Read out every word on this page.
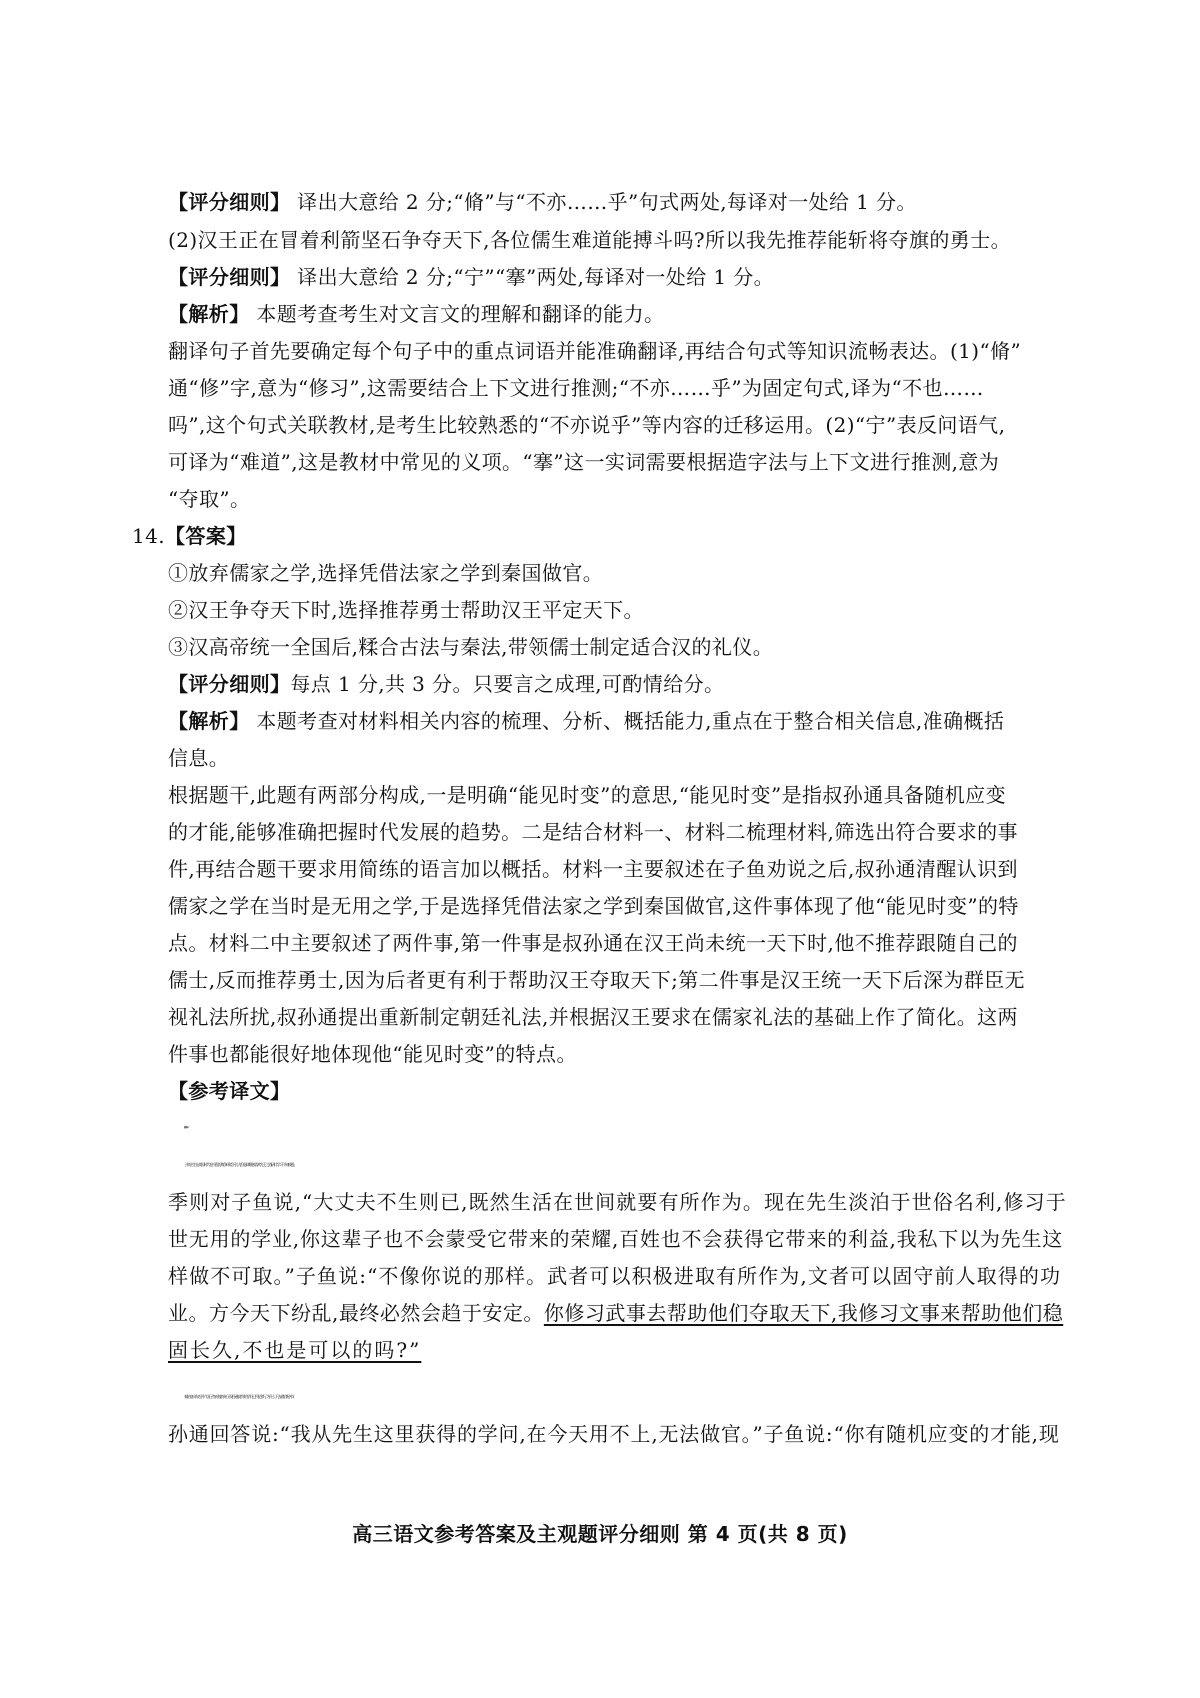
【评分细则】 译出大意给 2 分;“脩”与“不亦……乎”句式两处,每译对一处给 1 分。
(2)汉王正在冒着利箭坚石争夺天下,各位儒生难道能搏斗吗?所以我先推荐能斩将夺旗的勇士。
【评分细则】 译出大意给 2 分;“宁”“搴”两处,每译对一处给 1 分。
【解析】 本题考查考生对文言文的理解和翻译的能力。
翻译句子首先要确定每个句子中的重点词语并能准确翻译,再结合句式等知识流畅表达。(1)“脩”
通“修”字,意为“修习”,这需要结合上下文进行推测;“不亦……乎”为固定句式,译为“不也……
吗”,这个句式关联教材,是考生比较熟悉的“不亦说乎”等内容的迁移运用。(2)“宁”表反问语气,
可译为“难道”,这是教材中常见的义项。“搴”这一实词需要根据造字法与上下文进行推测,意为
“夺取”。
14.【答案】
①放弃儒家之学,选择凭借法家之学到秦国做官。
②汉王争夺天下时,选择推荐勇士帮助汉王平定天下。
③汉高帝统一全国后,糅合古法与秦法,带领儒士制定适合汉的礼仪。
【评分细则】每点 1 分,共 3 分。只要言之成理,可酌情给分。
【解析】 本题考查对材料相关内容的梳理、分析、概括能力,重点在于整合相关信息,准确概括
信息。
根据题干,此题有两部分构成,一是明确“能见时变”的意思,“能见时变”是指叔孙通具备随机应变
的才能,能够准确把握时代发展的趋势。二是结合材料一、材料二梳理材料,筛选出符合要求的事
件,再结合题干要求用简练的语言加以概括。材料一主要叙述在子鱼劝说之后,叔孙通清醒认识到
儒家之学在当时是无用之学,于是选择凭借法家之学到秦国做官,这件事体现了他“能见时变”的特
点。材料二中主要叙述了两件事,第一件事是叔孙通在汉王尚未统一天下时,他不推荐跟随自己的
儒士,反而推荐勇士,因为后者更有利于帮助汉王夺取天下;第二件事是汉王统一天下后深为群臣无
视礼法所扰,叔孙通提出重新制定朝廷礼法,并根据汉王要求在儒家礼法的基础上作了简化。这两
件事也都能很好地体现他“能见时变”的特点。
【参考译文】
材料一:
子鱼出生在战国时代,在纷乱的战争环境下长大,但是却唯独喜欢先王之道,研讨学习不知疲倦。
季则对子鱼说,“大丈夫不生则已,既然生活在世间就要有所作为。现在先生淡泊于世俗名利,修习于
世无用的学业,你这辈子也不会蒙受它带来的荣耀,百姓也不会获得它带来的利益,我私下以为先生这
样做不可取。”子鱼说:“不像你说的那样。武者可以积极进取有所作为,文者可以固守前人取得的功
业。方今天下纷乱,最终必然会趋于安定。你修习武事去帮助他们夺取天下,我修习文事来帮助他们稳
固长久,不也是可以的吗?”
秦始皇向东吞并六国,子鱼对他的弟子叔孙通说:“你的学问已经足够了,为什么不去做官呢?”叔
孙通回答说:“我从先生这里获得的学问,在今天用不上,无法做官。”子鱼说:“你有随机应变的才能,现
高三语文参考答案及主观题评分细则 第 4 页(共 8 页)
